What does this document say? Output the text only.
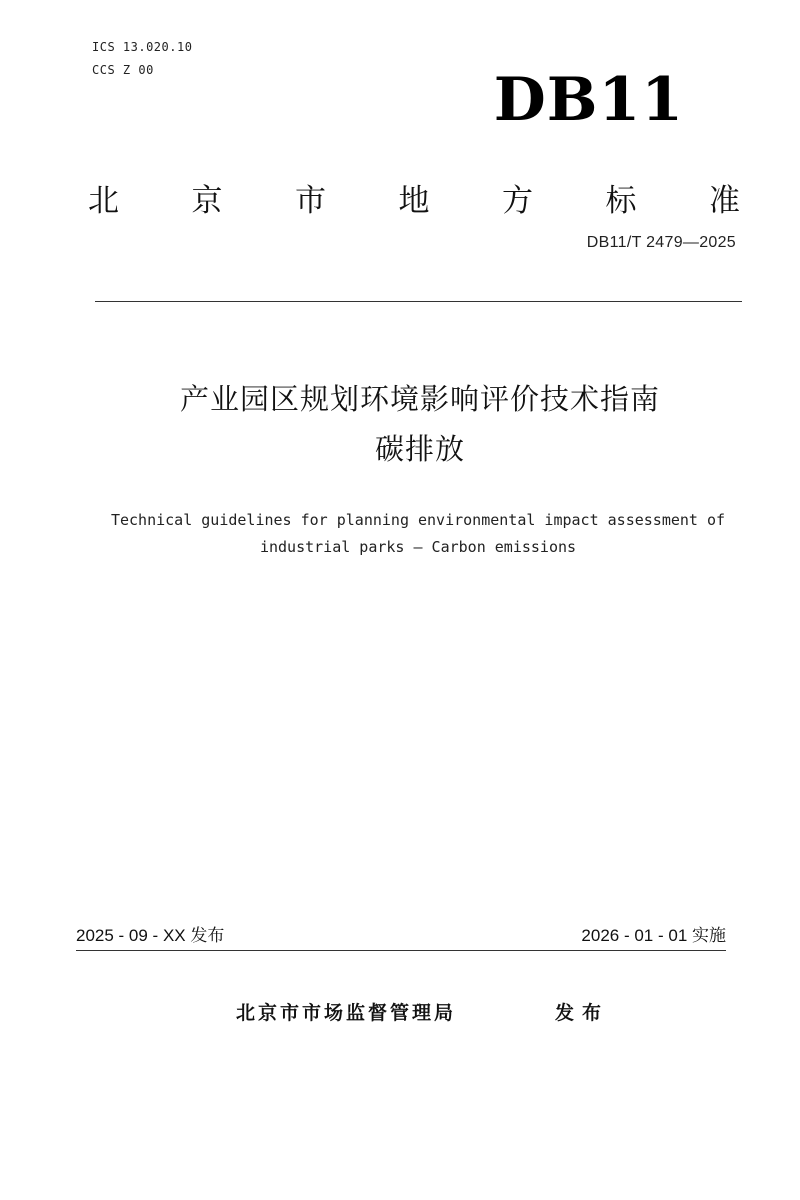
ICS 13.020.10
CCS Z 00	DB11
北 京 市 地 方 标 准
DB11/T 2479—2025
产业园区规划环境影响评价技术指南
碳排放
Technical guidelines for planning environmental impact assessment of
industrial parks — Carbon emissions
2025 - 09 - XX 发布	2026 - 01 - 01 实施
北京市市场监督管理局	发布
